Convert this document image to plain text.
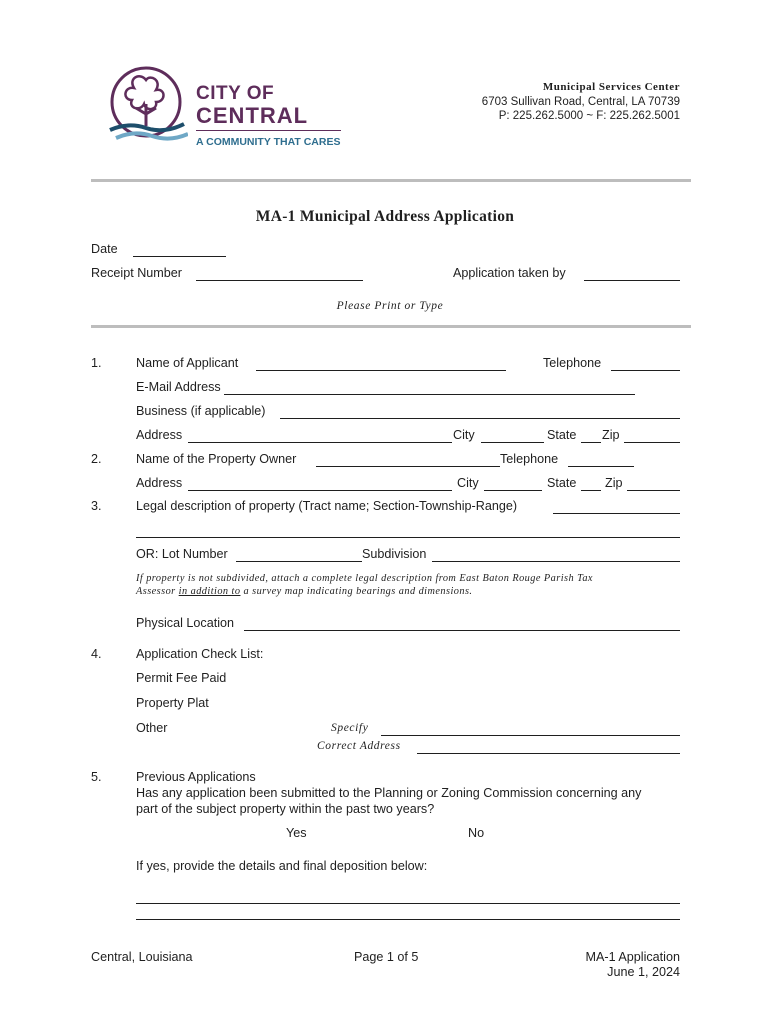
CITY OF
CENTRAL
A COMMUNITY THAT CARES
Municipal Services Center
6703 Sullivan Road, Central, LA 70739
P: 225.262.5000 ~ F: 225.262.5001
MA-1 Municipal Address Application
Date
Receipt Number	Application taken by
Please Print or Type
1.	Name of Applicant	Telephone
E-Mail Address
Business (if applicable)
Address	City	State Zip
2.	Name of the Property Owner	Telephone
Address	City	State Zip
3.	Legal description of property (Tract name; Section-Township-Range)
OR: Lot Number	Subdivision
If property is not subdivided, attach a complete legal description from East Baton Rouge Parish Tax
Assessor in addition to a survey map indicating bearings and dimensions.
Physical Location
4.	Application Check List:
Permit Fee Paid
Property Plat
Other	Specify
Correct Address
5.	Previous Applications
Has any application been submitted to the Planning or Zoning Commission concerning any
part of the subject property within the past two years?
Yes	No
If yes, provide the details and final deposition below:
Central, Louisiana	Page 1 of 5	MA-1 Application
June 1, 2024
